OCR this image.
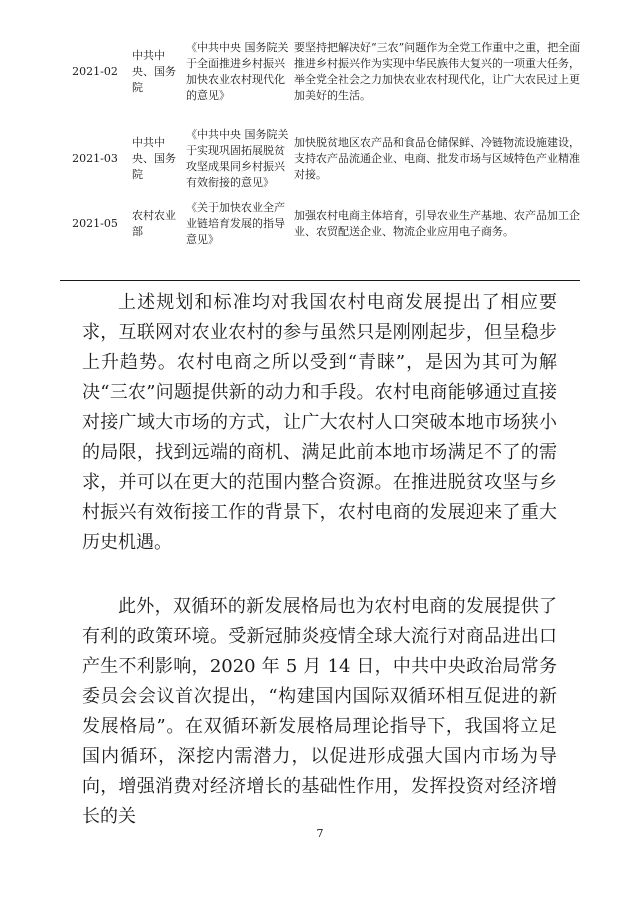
2021-02	中共中央、国务院	《中共中央 国务院关于全面推进乡村振兴加快农业农村现代化的意见》	要坚持把解决好“三农”问题作为全党工作重中之重，把全面推进乡村振兴作为实现中华民族伟大复兴的一项重大任务，举全党全社会之力加快农业农村现代化，让广大农民过上更加美好的生活。
2021-03	中共中央、国务院	《中共中央 国务院关于实现巩固拓展脱贫攻坚成果同乡村振兴有效衔接的意见》	加快脱贫地区农产品和食品仓储保鲜、冷链物流设施建设，支持农产品流通企业、电商、批发市场与区域特色产业精准对接。
2021-05	农村农业部	《关于加快农业全产业链培育发展的指导意见》	加强农村电商主体培育，引导农业生产基地、农产品加工企业、农贸配送企业、物流企业应用电子商务。

上述规划和标准均对我国农村电商发展提出了相应要求，互联网对农业农村的参与虽然只是刚刚起步，但呈稳步上升趋势。农村电商之所以受到“青睐”，是因为其可为解决“三农”问题提供新的动力和手段。农村电商能够通过直接对接广域大市场的方式，让广大农村人口突破本地市场狭小的局限，找到远端的商机、满足此前本地市场满足不了的需求，并可以在更大的范围内整合资源。在推进脱贫攻坚与乡村振兴有效衔接工作的背景下，农村电商的发展迎来了重大历史机遇。

此外，双循环的新发展格局也为农村电商的发展提供了有利的政策环境。受新冠肺炎疫情全球大流行对商品进出口产生不利影响，2020 年 5 月 14 日，中共中央政治局常务委员会会议首次提出，“构建国内国际双循环相互促进的新发展格局”。在双循环新发展格局理论指导下，我国将立足国内循环，深挖内需潜力，以促进形成强大国内市场为导向，增强消费对经济增长的基础性作用，发挥投资对经济增长的关

7
